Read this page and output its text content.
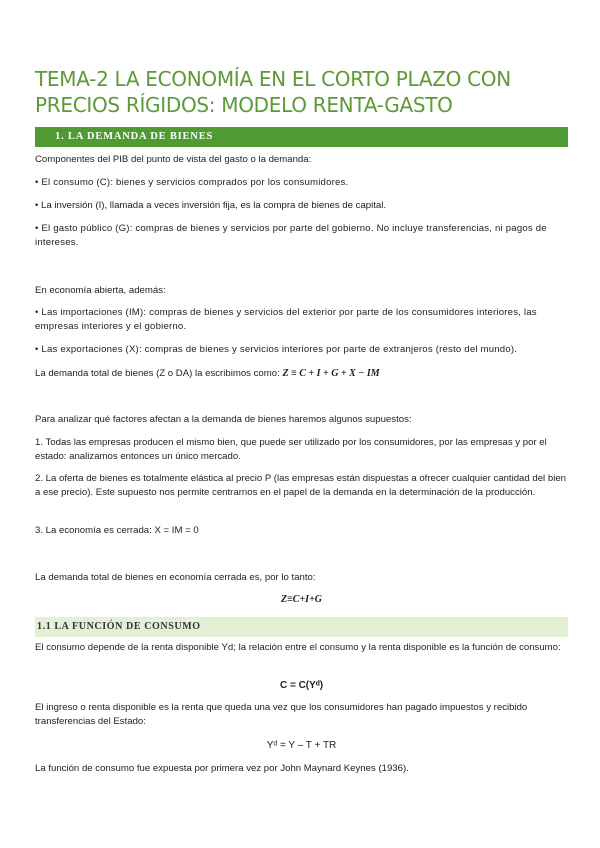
TEMA-2 LA ECONOMÍA EN EL CORTO PLAZO CON PRECIOS RÍGIDOS: MODELO RENTA-GASTO
1. LA DEMANDA DE BIENES
Componentes del PIB del punto de vista del gasto o la demanda:
• El consumo (C): bienes y servicios comprados por los consumidores.
• La inversión (I), llamada a veces inversión fija, es la compra de bienes de capital.
• El gasto público (G): compras de bienes y servicios por parte del gobierno. No incluye transferencias, ni pagos de intereses.
En economía abierta, además:
• Las importaciones (IM): compras de bienes y servicios del exterior por parte de los consumidores interiores, las empresas interiores y el gobierno.
• Las exportaciones (X): compras de bienes y servicios interiores por parte de extranjeros (resto del mundo).
La demanda total de bienes (Z o DA) la escribimos como: Z ≡ C + I + G + X − IM
Para analizar qué factores afectan a la demanda de bienes haremos algunos supuestos:
1. Todas las empresas producen el mismo bien, que puede ser utilizado por los consumidores, por las empresas y por el estado: analizamos entonces un único mercado.
2. La oferta de bienes es totalmente elástica al precio P (las empresas están dispuestas a ofrecer cualquier cantidad del bien a ese precio). Este supuesto nos permite centrarnos en el papel de la demanda en la determinación de la producción.
3. La economía es cerrada: X = IM = 0
La demanda total de bienes en economía cerrada es, por lo tanto:
Z≡C+I+G
1.1 LA FUNCIÓN DE CONSUMO
El consumo depende de la renta disponible Yd; la relación entre el consumo y la renta disponible es la función de consumo:
C = C(Yᵈ)
El ingreso o renta disponible es la renta que queda una vez que los consumidores han pagado impuestos y recibido transferencias del Estado:
Yᵈ = Y – T + TR
La función de consumo fue expuesta por primera vez por John Maynard Keynes (1936).
